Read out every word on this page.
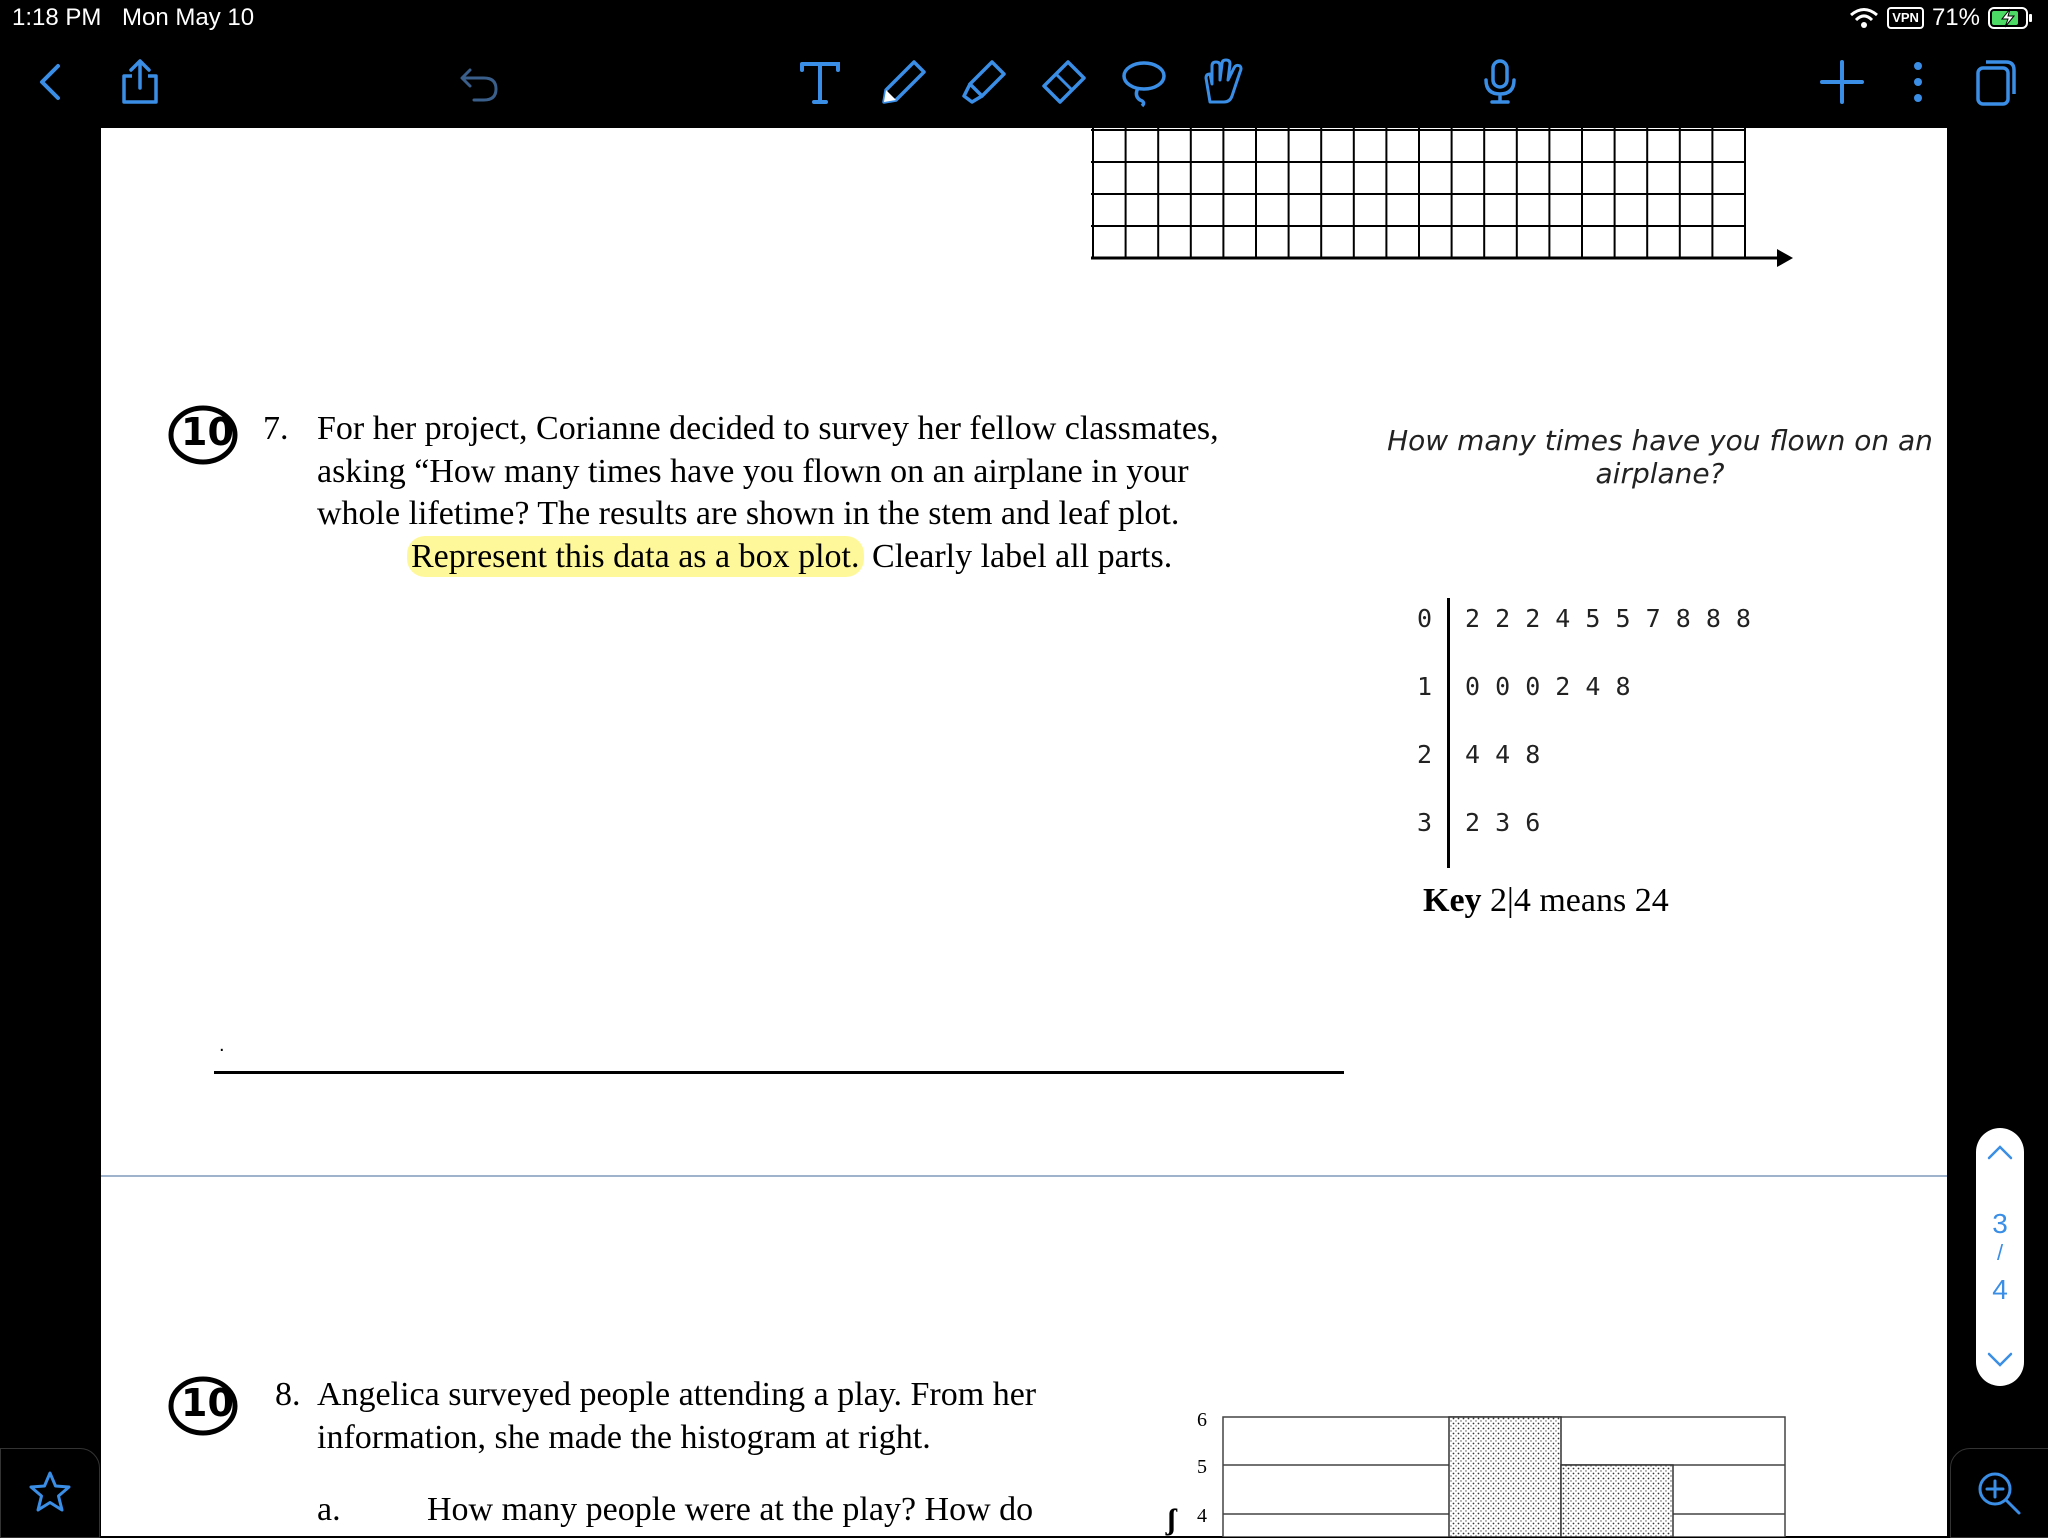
1:18 PM Mon May 10	VPN 71%
10 7. For her project, Corianne decided to survey her fellow classmates,
asking “How many times have you flown on an airplane in your
whole lifetime? The results are shown in the stem and leaf plot.
Represent this data as a box plot. Clearly label all parts.
How many times have you flown on an
airplane?
0 2 2 2 4 5 5 7 8 8 8
1 0 0 0 2 4 8
2 4 4 8
3 2 3 6
Key 2|4 means 24
.
10 8. Angelica surveyed people attending a play. From her
information, she made the histogram at right.
a.	How many people were at the play? How do
6
5
4
ʃ
3
/
4
